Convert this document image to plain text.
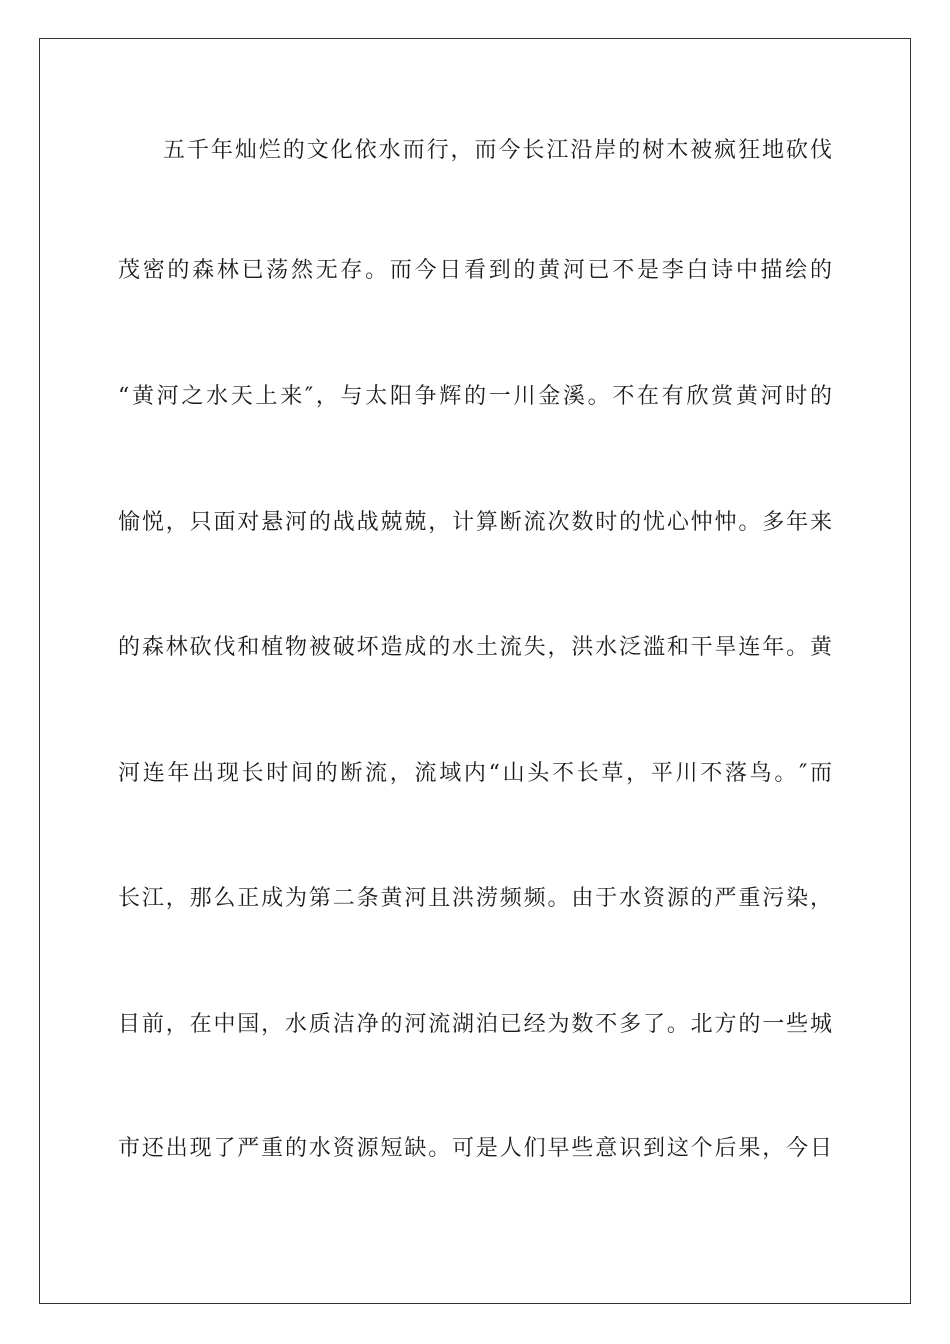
五千年灿烂的文化依水而行，而今长江沿岸的树木被疯狂地砍伐
茂密的森林已荡然无存。而今日看到的黄河已不是李白诗中描绘的
“黄河之水天上来″，与太阳争辉的一川金溪。不在有欣赏黄河时的
愉悦，只面对悬河的战战兢兢，计算断流次数时的忧心忡忡。多年来
的森林砍伐和植物被破坏造成的水土流失，洪水泛滥和干旱连年。黄
河连年出现长时间的断流，流域内“山头不长草，平川不落鸟。″而
长江，那么正成为第二条黄河且洪涝频频。由于水资源的严重污染，
目前，在中国，水质洁净的河流湖泊已经为数不多了。北方的一些城
市还出现了严重的水资源短缺。可是人们早些意识到这个后果，今日
